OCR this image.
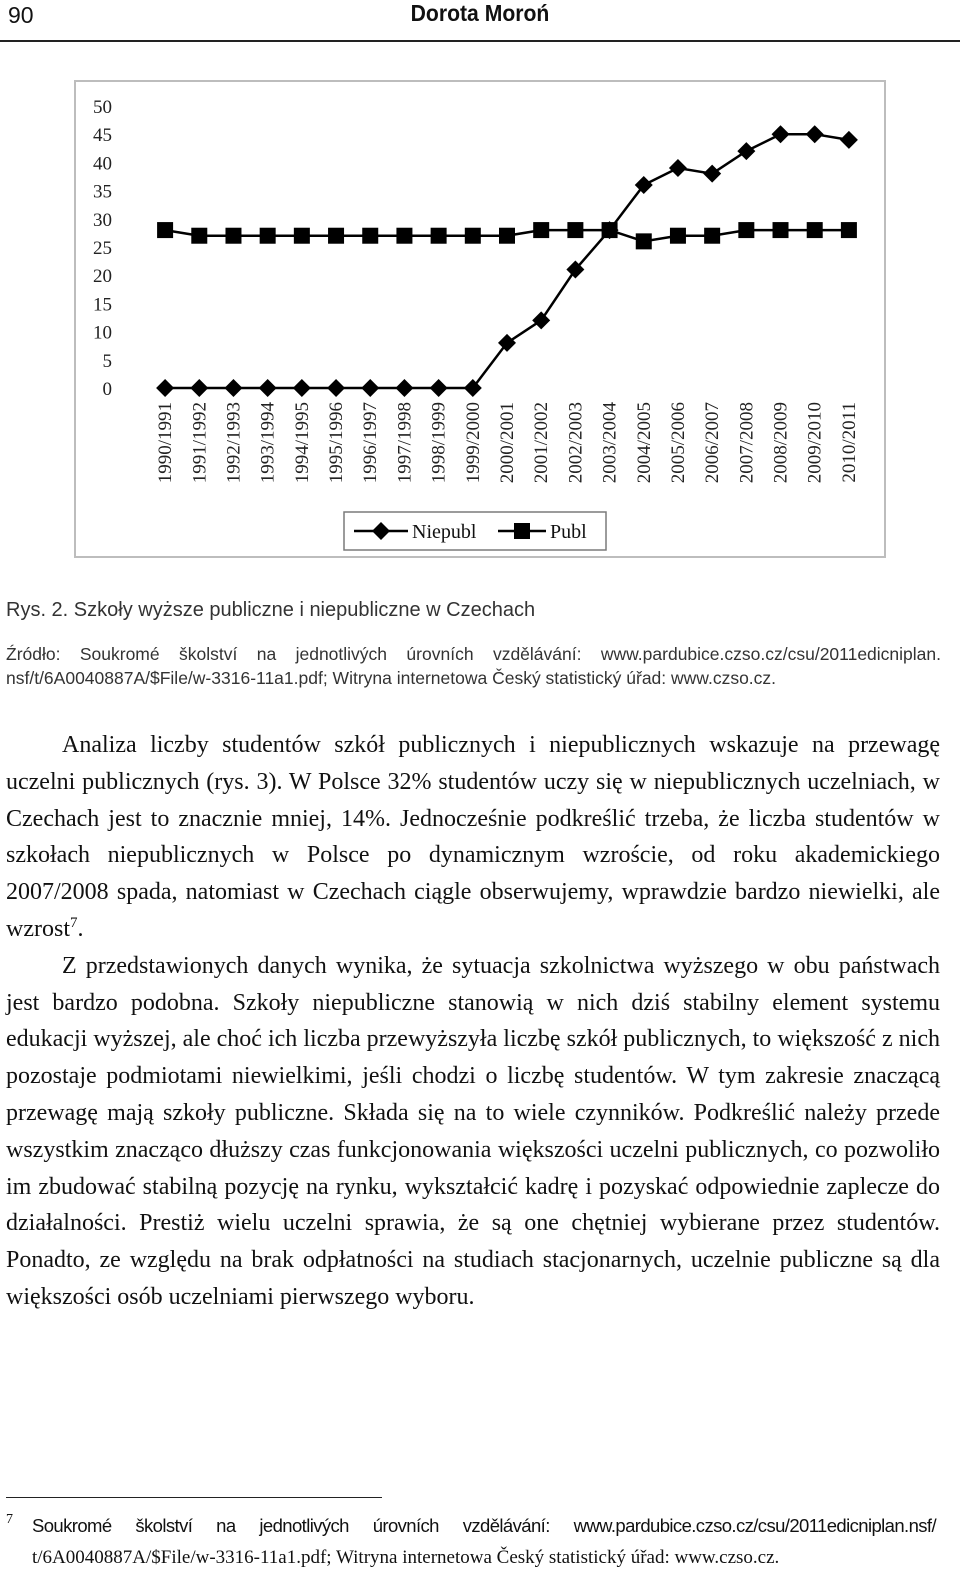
90	Dorota Moroń
0
5
10
15
20
25
30
35
40
45
50
1990/1991 1991/1992 1992/1993 1993/1994 1994/1995 1995/1996 1996/1997 1997/1998 1998/1999 1999/2000 2000/2001 2001/2002 2002/2003 2003/2004 2004/2005 2005/2006 2006/2007 2007/2008 2008/2009 2009/2010 2010/2011
Niepubl	Publ
Rys. 2. Szkoły wyższe publiczne i niepubliczne w Czechach
Źródło: Soukromé školství na jednotlivých úrovních vzdělávání: www.pardubice.czso.cz/csu/2011edicniplan.
nsf/t/6A0040887A/$File/w-3316-11a1.pdf; Witryna internetowa Český statistický úřad: www.czso.cz.

Analiza liczby studentów szkół publicznych i niepublicznych wskazuje na przewagę uczelni publicznych (rys. 3). W Polsce 32% studentów uczy się w niepublicznych uczelniach, w Czechach jest to znacznie mniej, 14%. Jednocześnie podkreślić trzeba, że liczba studentów w szkołach niepublicznych w Polsce po dynamicznym wzroście, od roku akademickiego 2007/2008 spada, natomiast w Czechach ciągle obserwujemy, wprawdzie bardzo niewielki, ale wzrost$^7$.

Z przedstawionych danych wynika, że sytuacja szkolnictwa wyższego w obu państwach jest bardzo podobna. Szkoły niepubliczne stanowią w nich dziś stabilny element systemu edukacji wyższej, ale choć ich liczba przewyższyła liczbę szkół publicznych, to większość z nich pozostaje podmiotami niewielkimi, jeśli chodzi o liczbę studentów. W tym zakresie znaczącą przewagę mają szkoły publiczne. Składa się na to wiele czynników. Podkreślić należy przede wszystkim znacząco dłuższy czas funkcjonowania większości uczelni publicznych, co pozwoliło im zbudować stabilną pozycję na rynku, wykształcić kadrę i pozyskać odpowiednie zaplecze do działalności. Prestiż wielu uczelni sprawia, że są one chętniej wybierane przez studentów. Ponadto, ze względu na brak odpłatności na studiach stacjonarnych, uczelnie publiczne są dla większości osób uczelniami pierwszego wyboru.

7 Soukromé školství na jednotlivých úrovních vzdělávání: www.pardubice.czso.cz/csu/2011edicniplan.nsf/
t/6A0040887A/$File/w-3316-11a1.pdf; Witryna internetowa Český statistický úřad: www.czso.cz.
